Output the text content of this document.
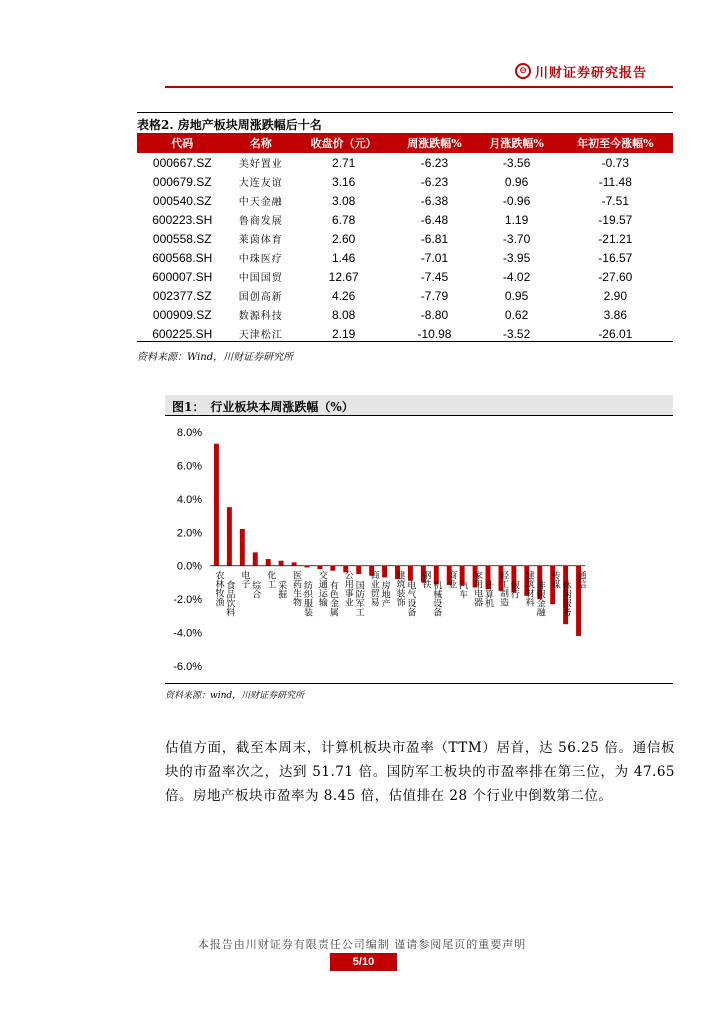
⊖ 川财证券研究报告
表格2. 房地产板块周涨跌幅后十名
代码	名称	收盘价（元）	周涨跌幅%	月涨跌幅%	年初至今涨幅%
000667.SZ	美好置业	2.71	-6.23	-3.56	-0.73
000679.SZ	大连友谊	3.16	-6.23	0.96	-11.48
000540.SZ	中天金融	3.08	-6.38	-0.96	-7.51
600223.SH	鲁商发展	6.78	-6.48	1.19	-19.57
000558.SZ	莱茵体育	2.60	-6.81	-3.70	-21.21
600568.SH	中珠医疗	1.46	-7.01	-3.95	-16.57
600007.SH	中国国贸	12.67	-7.45	-4.02	-27.60
002377.SZ	国创高新	4.26	-7.79	0.95	2.90
000909.SZ	数源科技	8.08	-8.80	0.62	3.86
600225.SH	天津松江	2.19	-10.98	-3.52	-26.01
资料来源：Wind，川财证券研究所
图1：　行业板块本周涨跌幅（%）
8.0%
6.0%
4.0%
2.0%
0.0%
-2.0%
-4.0%
-6.0%
农林牧渔 食品饮料
电子
综合
化工
采掘 医药生物 纺织服装 交通运输 有色金属 公用事业 国防军工 商业贸易 房地产 建筑装饰 电气设备
钢铁
机械设备
商业
汽车 家用电器 计算机 轻工制造 银行 建筑材料 非银金融
传媒
休闲服务
通信
资料来源：wind，川财证券研究所
估值方面，截至本周末，计算机板块市盈率（TTM）居首，达 56.25 倍。通信板块的市盈率次之，达到 51.71 倍。国防军工板块的市盈率排在第三位，为 47.65 倍。房地产板块市盈率为 8.45 倍，估值排在 28 个行业中倒数第二位。
本报告由川财证券有限责任公司编制 谨请参阅尾页的重要声明
5/10
